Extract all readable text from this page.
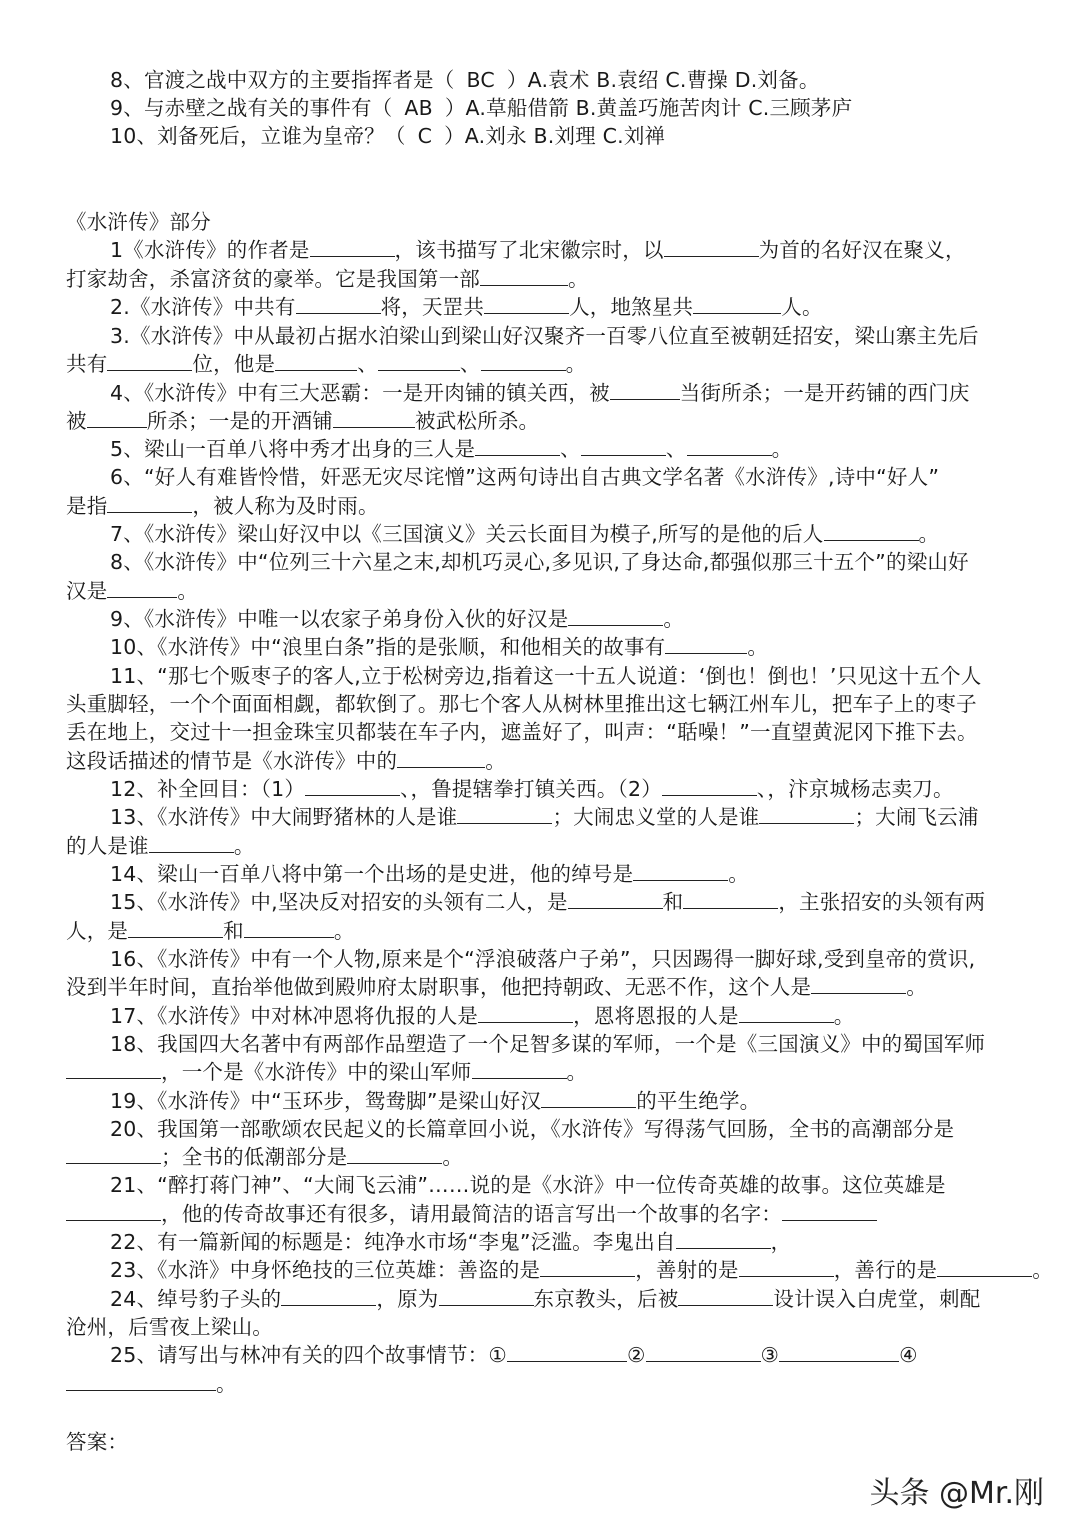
8、官渡之战中双方的主要指挥者是（ BC ）A.袁术 B.袁绍 C.曹操 D.刘备。
9、与赤壁之战有关的事件有（ AB ）A.草船借箭 B.黄盖巧施苦肉计 C.三顾茅庐
10、刘备死后，立谁为皇帝？（ C ）A.刘永 B.刘理 C.刘禅
《水浒传》部分
1《水浒传》的作者是	，该书描写了北宋徽宗时，以	为首的名好汉在聚义，
打家劫舍，杀富济贫的豪举。它是我国第一部	。
2.《水浒传》中共有	将，天罡共	人，地煞星共	人。
3.《水浒传》中从最初占据水泊梁山到梁山好汉聚齐一百零八位直至被朝廷招安，梁山寨主先后
共有	位，他是	、	、	。
4、《水浒传》中有三大恶霸：一是开肉铺的镇关西，被	当街所杀；一是开药铺的西门庆
被	所杀；一是的开酒铺	被武松所杀。
5、梁山一百单八将中秀才出身的三人是	、	、	。
6、“好人有难皆怜惜，奸恶无灾尽诧憎”这两句诗出自古典文学名著《水浒传》,诗中“好人”
是指	，被人称为及时雨。
7、《水浒传》梁山好汉中以《三国演义》关云长面目为模子,所写的是他的后人	。
8、《水浒传》中“位列三十六星之末,却机巧灵心,多见识,了身达命,都强似那三十五个”的梁山好
汉是	。
9、《水浒传》中唯一以农家子弟身份入伙的好汉是	。
10、《水浒传》中“浪里白条”指的是张顺，和他相关的故事有	。
11、“那七个贩枣子的客人,立于松树旁边,指着这一十五人说道：‘倒也！倒也！’只见这十五个人
头重脚轻，一个个面面相觑，都软倒了。那七个客人从树林里推出这七辆江州车儿，把车子上的枣子
丢在地上，交过十一担金珠宝贝都装在车子内，遮盖好了，叫声：“聒噪！”一直望黄泥冈下推下去。
这段话描述的情节是《水浒传》中的	。
12、补全回目：（1）	、，鲁提辖拳打镇关西。（2）	、，汴京城杨志卖刀。
13、《水浒传》中大闹野猪林的人是谁	；大闹忠义堂的人是谁	；大闹飞云浦
的人是谁	。
14、梁山一百单八将中第一个出场的是史进，他的绰号是	。
15、《水浒传》中,坚决反对招安的头领有二人，是	和	，主张招安的头领有两
人，是	和	。
16、《水浒传》中有一个人物,原来是个“浮浪破落户子弟”，只因踢得一脚好球,受到皇帝的赏识,
没到半年时间，直抬举他做到殿帅府太尉职事，他把持朝政、无恶不作，这个人是	。
17、《水浒传》中对林冲恩将仇报的人是	，恩将恩报的人是	。
18、我国四大名著中有两部作品塑造了一个足智多谋的军师，一个是《三国演义》中的蜀国军师
，一个是《水浒传》中的梁山军师	。
19、《水浒传》中“玉环步，鸳鸯脚”是梁山好汉	的平生绝学。
20、我国第一部歌颂农民起义的长篇章回小说，《水浒传》写得荡气回肠，全书的高潮部分是
；全书的低潮部分是	。
21、“醉打蒋门神”、“大闹飞云浦”……说的是《水浒》中一位传奇英雄的故事。这位英雄是
，他的传奇故事还有很多，请用最简洁的语言写出一个故事的名字：
22、有一篇新闻的标题是：纯净水市场“李鬼”泛滥。李鬼出自	，
23、《水浒》中身怀绝技的三位英雄：善盗的是	，善射的是	，善行的是	。
24、绰号豹子头的	，原为	东京教头，后被	设计误入白虎堂，刺配
沧州，后雪夜上梁山。
25、请写出与林冲有关的四个故事情节：①	②	③	④
。
答案：
头条 @Mr.刚
